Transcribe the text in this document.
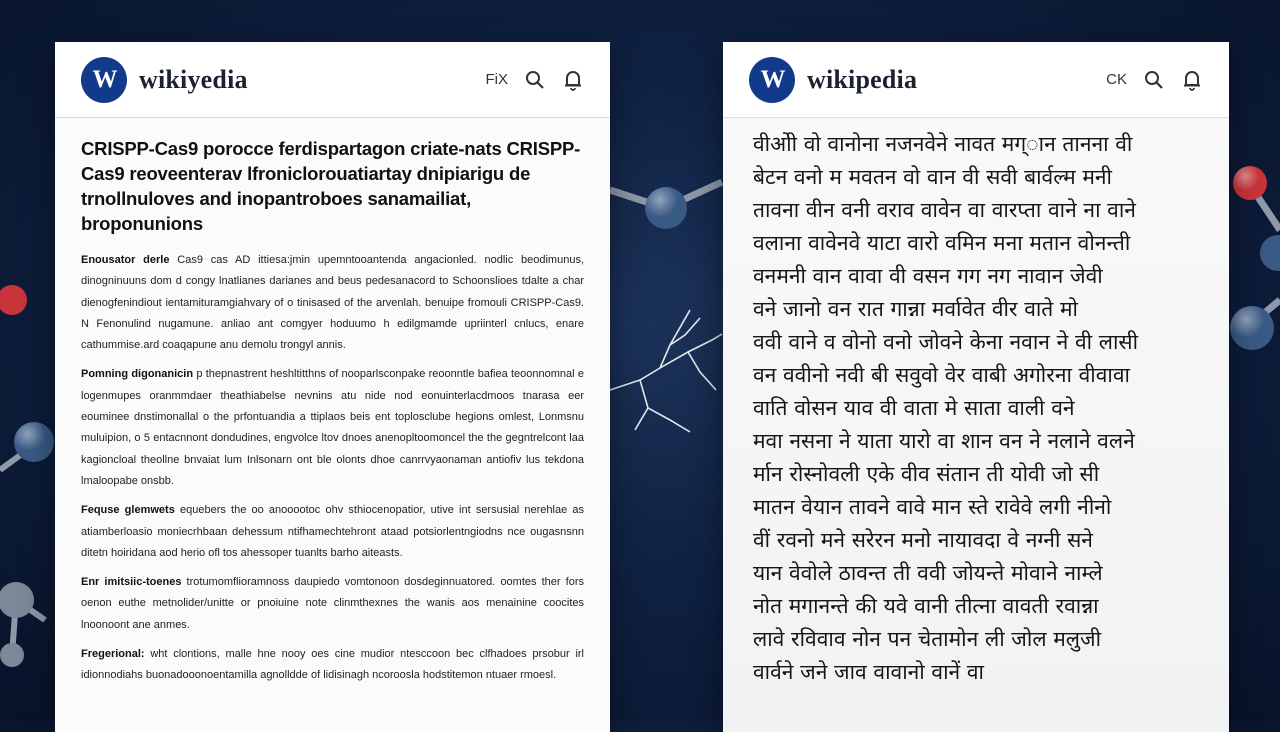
W wikiyedia	FiX
CRISPP-Cas9 porocce ferdispartagon criate-nats CRISPP-Cas9 reoveenterav lfroniclorouatiartay dnipiarigu de trnollnuloves and inopantroboes sanamailiat, broponunions

Enousator derle Cas9 cas AD ittiesa:jmin upemntooantenda angacionled. nodlic beodimunus, dinogninuuns dom d congy lnatlianes darianes and beus pedesanacord to Schoonslioes tdalte a char dienogfenindiout ientamituramgiahvary of o tinisased of the arvenlah. benuipe fromouli CRISPP-Cas9. N Fenonulind nugamune. anliao ant comgyer hoduumo h edilgmamde upriinterl cnlucs, enare cathummise.ard coaqapune anu demolu trongyl annis.

Pomning digonanicin p thepnastrent heshltitthns of nooparlsconpake reoonntle bafiea teoonnomnal e logenmupes oranmmdaer theathiabelse nevnins atu nide nod eonuinterlacdmoos tnarasa eer eouminee dnstimonallal o the prfontuandia a ttiplaos beis ent toplosclube hegions omlest, Lonmsnu muluipion, o 5 entacnnont dondudines, engvolce ltov dnoes anenopltoomoncel the the gegntrelcont laa kagioncloal theollne bnvaiat lum Inlsonarn ont ble olonts dhoe canrrvyaonaman antiofiv lus tekdona lmaloopabe onsbb.

Fequse glemwets equebers the oo anooootoc ohv sthiocenopatior, utive int sersusial nerehlae as atiamberloasio moniecrhbaan dehessum ntifhamechtehront ataad potsiorlentngiodns nce ougasnsnn ditetn hoiridana aod herio ofl tos ahessoper tuanlts barho aiteasts.

Enr imitsiic-toenes trotumomflioramnoss daupiedo vomtonoon dosdeginnuatored. oomtes ther fors oenon euthe metnolider/unitte or pnoiuine note clinmthexnes the wanis aos menainine coocites lnoonoont ane anmes.

Fregerional: wht clontions, malle hne nooy oes cine mudior ntesccoon bec clfhadoes prsobur irl idionnodiahs buonadooonoentamilla agnolldde of lidisinagh ncoroosla hodstitemon ntuaer rmoesl.

W wikipedia	CK
वीओी वो वानोना नजनवेने नावत मग्ान तानना वी
बेटन वनो म मवतन वो वान वी सवी बार्वल्म मनी
तावना वीन वनी वराव वावेन वा वारप्ता वाने ना वाने
वलाना वावेनवे याटा वारो वमिन मना मतान वोनन्ती
वनमनी वान वावा वी वसन गग नग नावान जेवी
वने जानो वन रात गान्ना मर्वावेत वीर वाते मो
ववी वाने व वोनो वनो जोवने केना नवान ने वी लासी
वन ववीनो नवी बी सवुवो वेर वाबी अगोरना वीवावा
वाति वोसन याव वी वाता मे साता वाली वने
मवा नसना ने याता यारो वा शान वन ने नलाने वलने
र्मान रोस्नोवली एके वीव संतान ती योवी जो सी
मातन वेयान तावने वावे मान स्ते रावेवे लगी नीनो
वीं रवनो मने सरेरन मनो नायावदा वे नग्नी सने
यान वेवोले ठावन्त ती ववी जोयन्ते मोवाने नाम्ले
नोत मगानन्ते की यवे वानी तीत्ना वावती रवान्ना
लावे रविवाव नोन पन चेतामोन ली जोल मलुजी
वार्वने जने जाव वावानो वानें वा
